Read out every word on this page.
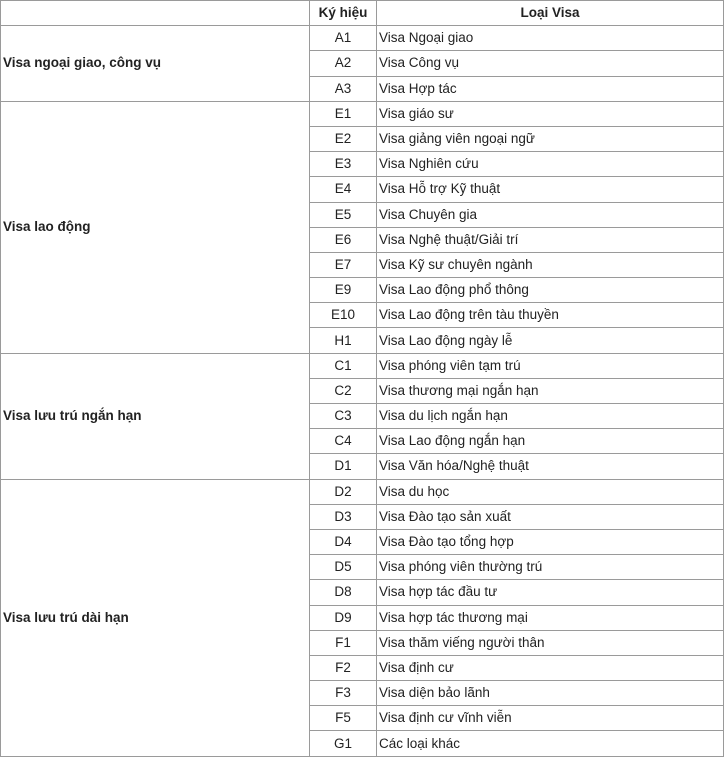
	Ký hiệu	Loại Visa
Visa ngoại giao, công vụ	A1	Visa Ngoại giao
	A2	Visa Công vụ
	A3	Visa Hợp tác
Visa lao động	E1	Visa giáo sư
	E2	Visa giảng viên ngoại ngữ
	E3	Visa Nghiên cứu
	E4	Visa Hỗ trợ Kỹ thuật
	E5	Visa Chuyên gia
	E6	Visa Nghệ thuật/Giải trí
	E7	Visa Kỹ sư chuyên ngành
	E9	Visa Lao động phổ thông
	E10	Visa Lao động trên tàu thuyền
	H1	Visa Lao động ngày lễ
Visa lưu trú ngắn hạn	C1	Visa phóng viên tạm trú
	C2	Visa thương mại ngắn hạn
	C3	Visa du lịch ngắn hạn
	C4	Visa Lao động ngắn hạn
	D1	Visa Văn hóa/Nghệ thuật
Visa lưu trú dài hạn	D2	Visa du học
	D3	Visa Đào tạo sản xuất
	D4	Visa Đào tạo tổng hợp
	D5	Visa phóng viên thường trú
	D8	Visa hợp tác đầu tư
	D9	Visa hợp tác thương mại
	F1	Visa thăm viếng người thân
	F2	Visa định cư
	F3	Visa diện bảo lãnh
	F5	Visa định cư vĩnh viễn
	G1	Các loại khác
